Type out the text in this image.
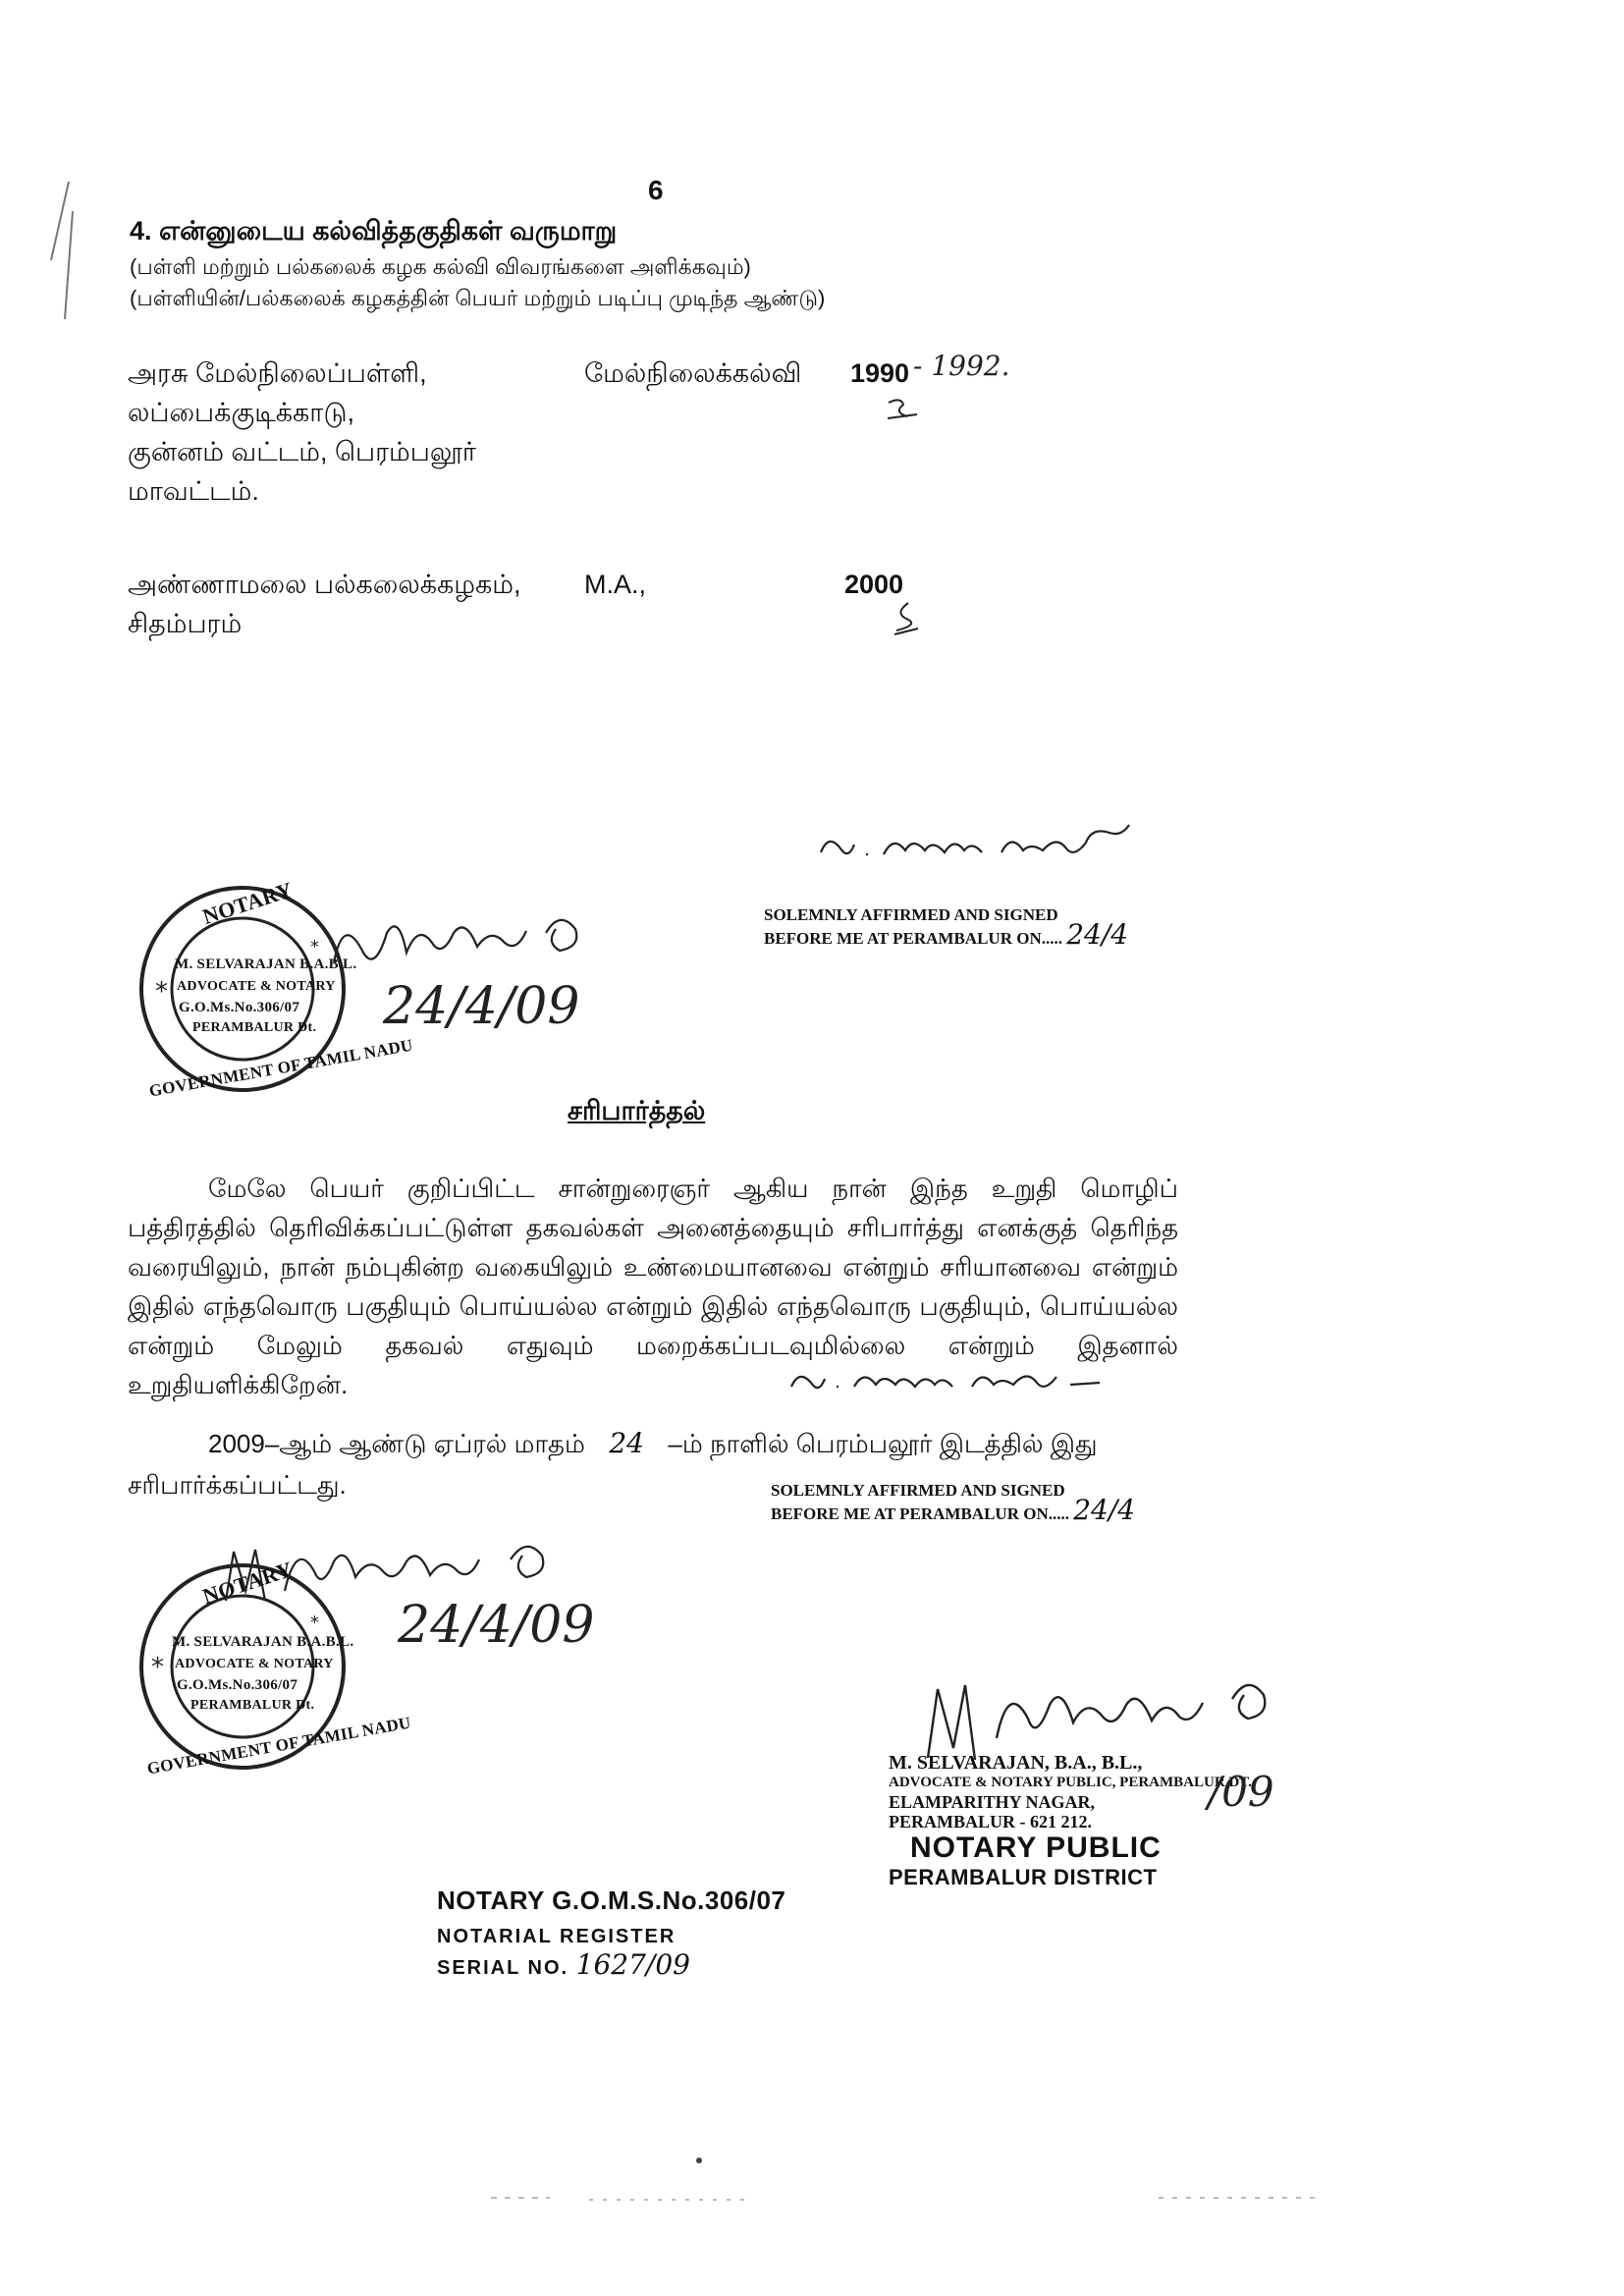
6
4. என்னுடைய கல்வித்தகுதிகள் வருமாறு
(பள்ளி மற்றும் பல்கலைக் கழக கல்வி விவரங்களை அளிக்கவும்)
(பள்ளியின்/பல்கலைக் கழகத்தின் பெயர் மற்றும் படிப்பு முடிந்த ஆண்டு)
அரசு மேல்நிலைப்பள்ளி,
லப்பைக்குடிக்காடு,
குன்னம் வட்டம், பெரம்பலூர்
மாவட்டம்.
மேல்நிலைக்கல்வி 1990 - 1992.
அண்ணாமலை பல்கலைக்கழகம்,
சிதம்பரம்
M.A.,	2000
*
*
NOTARY
M. SELVARAJAN B.A.B.L.
ADVOCATE & NOTARY
G.O.Ms.No.306/07
PERAMBALUR Dt.
GOVERNMENT OF TAMIL NADU
24/4/09
SOLEMNLY AFFIRMED AND SIGNED
BEFORE ME AT PERAMBALUR ON..... 24/4
சரிபார்த்தல்
மேலே பெயர் குறிப்பிட்ட சான்றுரைஞர் ஆகிய நான் இந்த உறுதி மொழிப் பத்திரத்தில் தெரிவிக்கப்பட்டுள்ள தகவல்கள் அனைத்தையும் சரிபார்த்து எனக்குத் தெரிந்த வரையிலும், நான் நம்புகின்ற வகையிலும் உண்மையானவை என்றும் சரியானவை என்றும் இதில் எந்தவொரு பகுதியும் பொய்யல்ல என்றும் இதில் எந்தவொரு பகுதியும், பொய்யல்ல என்றும் மேலும் தகவல் எதுவும் மறைக்கப்படவுமில்லை என்றும் இதனால் உறுதியளிக்கிறேன்.
2009–ஆம் ஆண்டு ஏப்ரல் மாதம் 24 –ம் நாளில் பெரம்பலூர் இடத்தில் இது
சரிபார்க்கப்பட்டது.	SOLEMNLY AFFIRMED AND SIGNED
BEFORE ME AT PERAMBALUR ON..... 24/4
*
*
NOTARY
M. SELVARAJAN B.A.B.L.
ADVOCATE & NOTARY
G.O.Ms.No.306/07
PERAMBALUR Dt.
GOVERNMENT OF TAMIL NADU
24/4/09
M. SELVARAJAN, B.A., B.L.,
ADVOCATE & NOTARY PUBLIC, PERAMBALUR DT.
ELAMPARITHY NAGAR,
PERAMBALUR - 621 212.
NOTARY PUBLIC
PERAMBALUR DISTRICT
/09
NOTARY G.O.M.S.No.306/07
NOTARIAL REGISTER
SERIAL NO. 1627/09
